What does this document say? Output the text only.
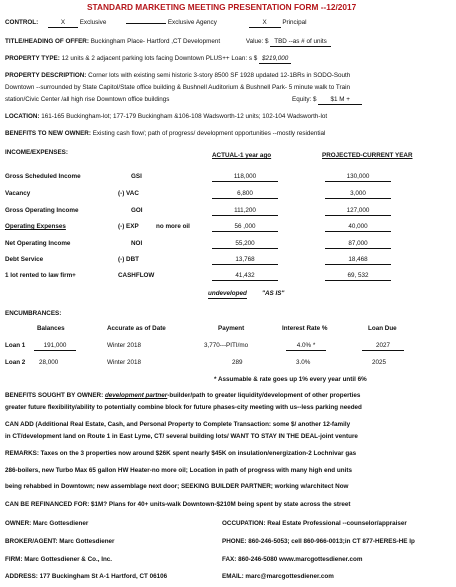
STANDARD MARKETING MEETING PRESENTATION FORM --12/2017
CONTROL:	X Exclusive	Exclusive Agency	X Principal
TITLE/HEADING OF OFFER: Buckingham Place- Hartford ,CT Development	Value: $ TBD --as # of units
PROPERTY TYPE: 12 units & 2 adjacent parking lots facing Downtown PLUS++ Loan: s $ $219,000
PROPERTY DESCRIPTION: Corner lots with existing semi historic 3-story 8500 SF 1928 updated 12-1BRs in SODO-South
Downtown --surrounded by State Capitol/State office building & Bushnell Auditorium & Bushnell Park- 5 minute walk to Train
station/Civic Center /all high rise Downtown office buildings	Equity: $ $1 M +
LOCATION: 161-165 Buckingham-lot; 177-179 Buckingham &106-108 Wadsworth-12 units; 102-104 Wadsworth-lot
BENEFITS TO NEW OWNER: Existing cash flow/; path of progress/ development opportunities --mostly residential
INCOME/EXPENSES:	ACTUAL-1 year ago	PROJECTED-CURRENT YEAR
Gross Scheduled Income	GSI	118,000	130,000
Vacancy	(-) VAC	6,800	3,000
Gross Operating Income	GOI	111,200	127,000
Operating Expenses	(-) EXP	no more oil	56 ,000	40,000
Net Operating Income	NOI	55,200	87,000
Debt Service	(-) DBT	13,768	18,468
1 lot rented to law firm+	CASHFLOW	41,432	69, 532
undeveloped "AS IS"
ENCUMBRANCES:
Balances	Accurate as of Date	Payment	Interest Rate %	Loan Due
Loan 1	191,000	Winter 2018	3,770---PITI/mo	4.0% *	2027
Loan 2 28,000	Winter 2018	289	3.0%	2025
* Assumable & rate goes up 1% every year until 6%
BENEFITS SOUGHT BY OWNER: development partner-builder/path to greater liquidity/development of other properties
greater future flexibility/ability to potentially combine block for future phases-city meeting with us--less parking needed
CAN ADD (Additional Real Estate, Cash, and Personal Property to Complete Transaction: some $/ another 12-family
in CT/development land on Route 1 in East Lyme, CT/ several building lots/ WANT TO STAY IN THE DEAL-joint venture
REMARKS: Taxes on the 3 properties now around $26K spent nearly $45K on insulation/energization-2 Lochnivar gas
286-boilers, new Turbo Max 65 gallon HW Heater-no more oil; Location in path of progress with many high end units
being rehabbed in Downtown; new assemblage next door; SEEKING BUILDER PARTNER; working w/architect Now
CAN BE REFINANCED FOR: $1M? Plans for 40+ units-walk Downtown-$210M being spent by state across the street
OWNER: Marc Gottesdiener	OCCUPATION: Real Estate Professional --counselor/appraiser
BROKER/AGENT: Marc Gottesdiener	PHONE: 860-246-5053; cell 860-966-0013;in CT 877-HERES-HE lp
FIRM: Marc Gottesdiener & Co., Inc.	FAX: 860-246-5080 www.marcgottesdiener.com
ADDRESS: 177 Buckingham St A-1 Hartford, CT 06106	EMAIL: marc@marcgottesdiener.com
